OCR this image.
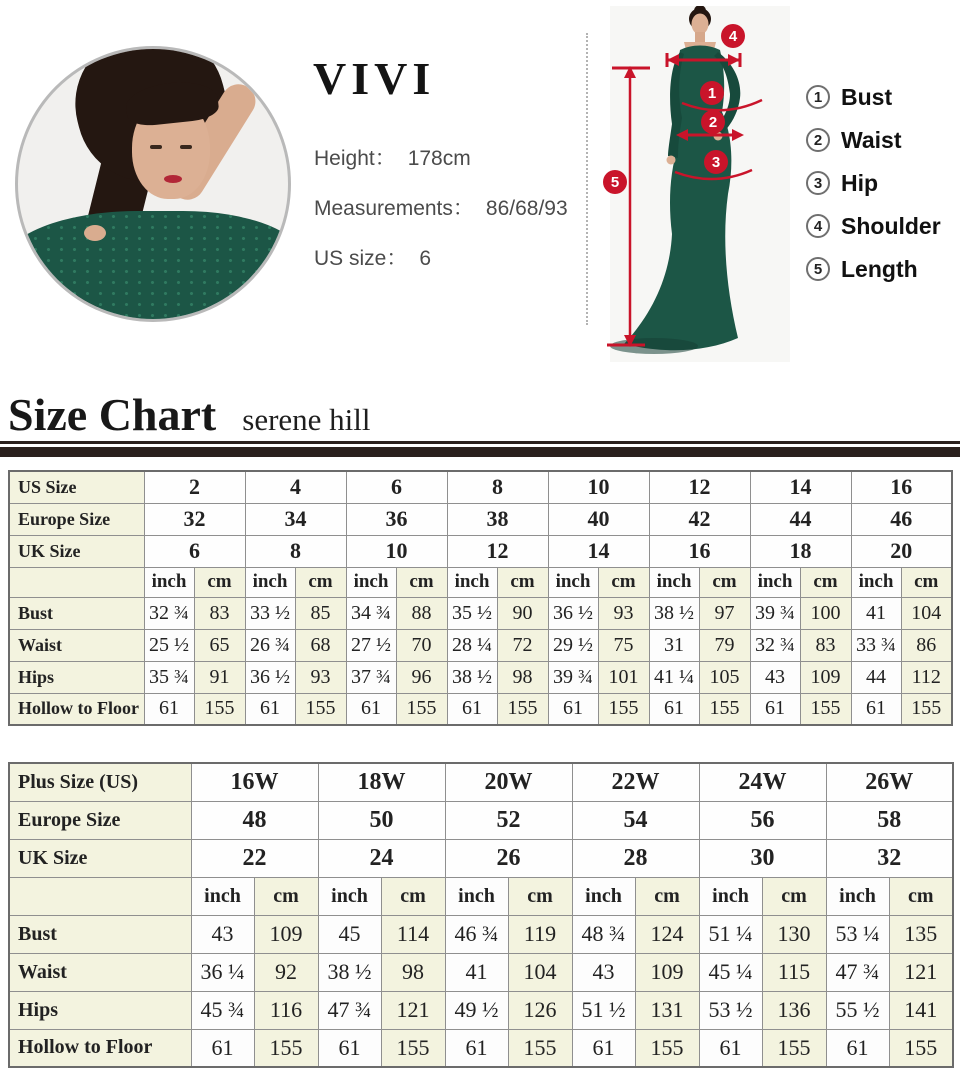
VIVI
Height： 178cm
Measurements： 86/68/93
US size： 6
1
2
3
4
5
1 Bust
2 Waist
3 Hip
4 Shoulder
5 Length
Size Chart serene hill
US Size	2		4		6		8		10		12		14		16	
Europe Size	32		34		36		38		40		42		44		46	
UK Size	6		8		10		12		14		16		18		20	
	inch	cm	inch	cm	inch	cm	inch	cm	inch	cm	inch	cm	inch	cm	inch	cm
Bust	32 ¾	83	33 ½	85	34 ¾	88	35 ½	90	36 ½	93	38 ½	97	39 ¾	100	41	104
Waist	25 ½	65	26 ¾	68	27 ½	70	28 ¼	72	29 ½	75	31	79	32 ¾	83	33 ¾	86
Hips	35 ¾	91	36 ½	93	37 ¾	96	38 ½	98	39 ¾	101	41 ¼	105	43	109	44	112
Hollow to Floor	61	155	61	155	61	155	61	155	61	155	61	155	61	155	61	155
Plus Size (US)	16W		18W		20W		22W		24W		26W	
Europe Size	48		50		52		54		56		58	
UK Size	22		24		26		28		30		32	
	inch	cm	inch	cm	inch	cm	inch	cm	inch	cm	inch	cm
Bust	43	109	45	114	46 ¾	119	48 ¾	124	51 ¼	130	53 ¼	135
Waist	36 ¼	92	38 ½	98	41	104	43	109	45 ¼	115	47 ¾	121
Hips	45 ¾	116	47 ¾	121	49 ½	126	51 ½	131	53 ½	136	55 ½	141
Hollow to Floor	61	155	61	155	61	155	61	155	61	155	61	155
